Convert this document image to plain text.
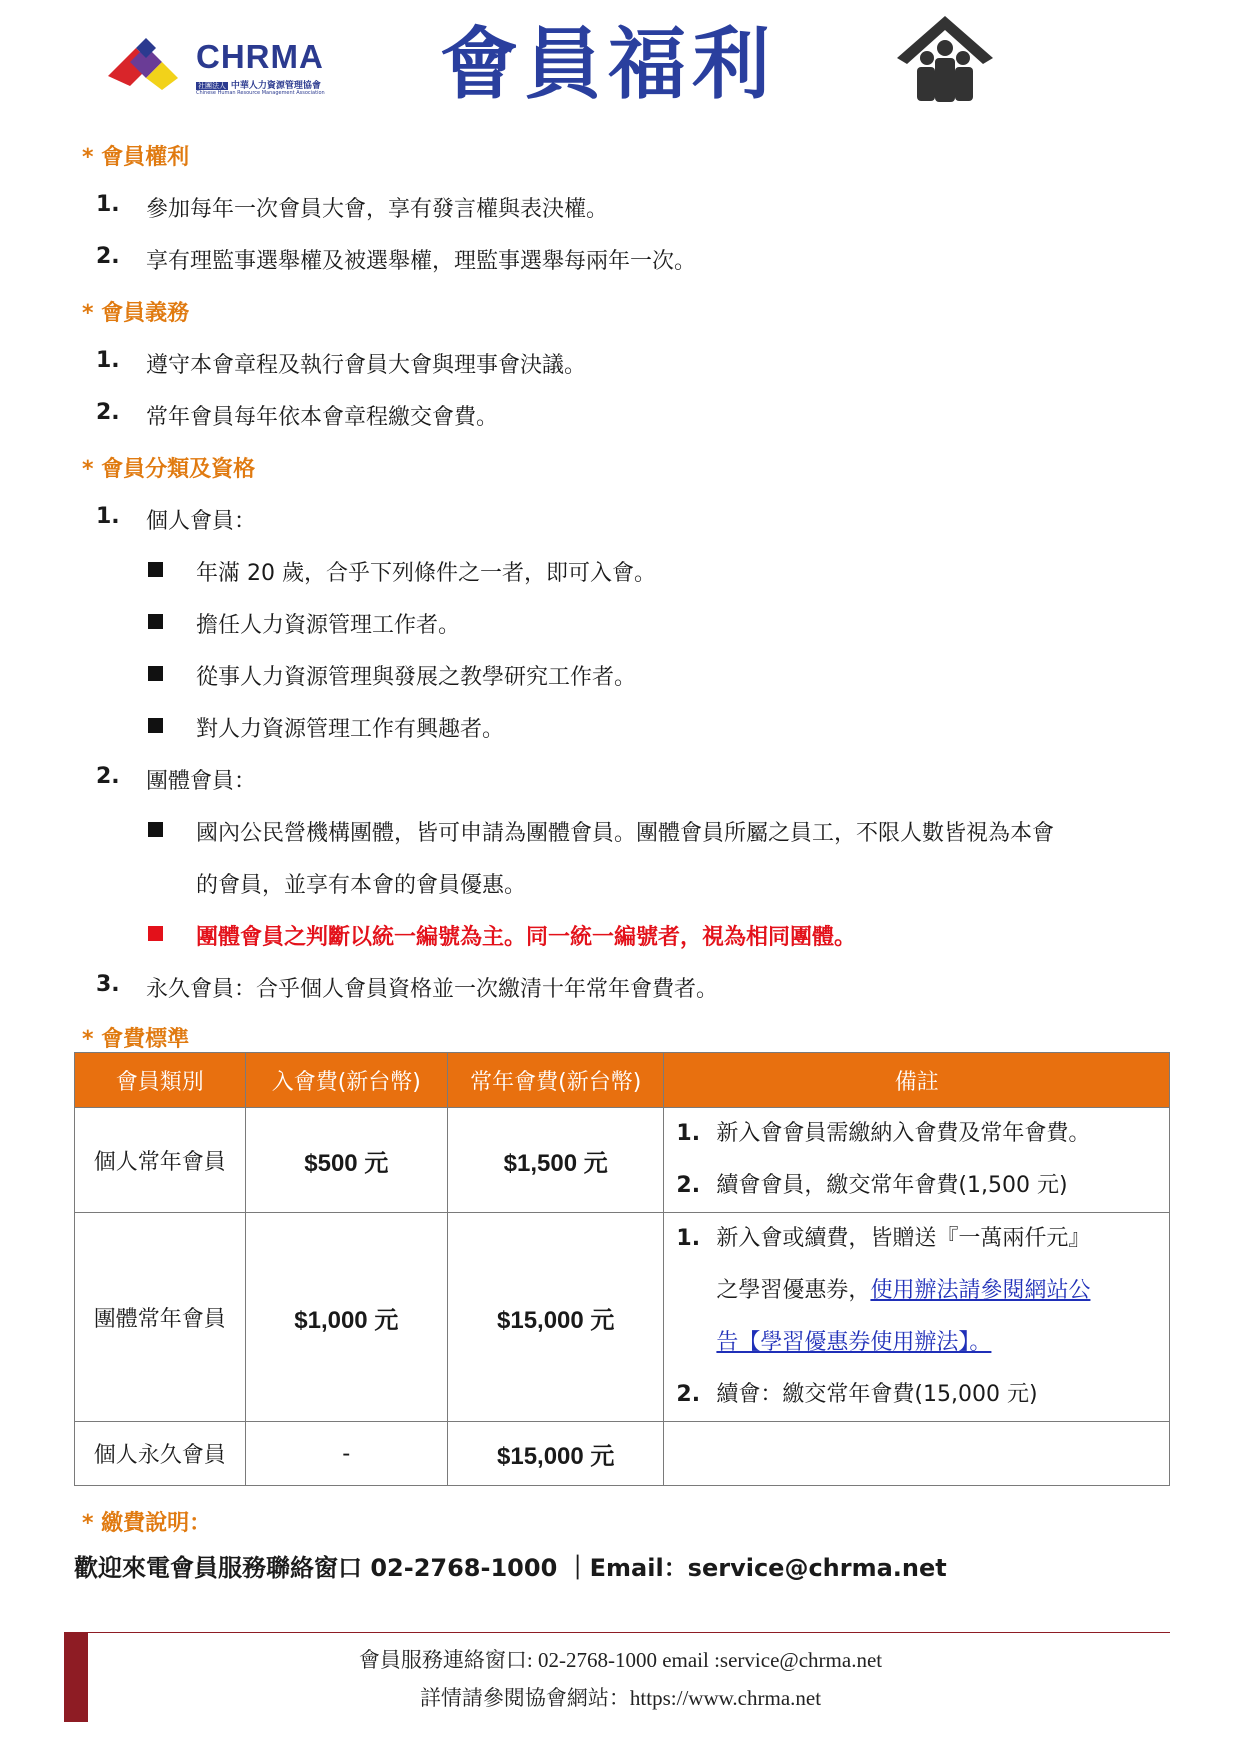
CHRMA
社團法人 中華人力資源管理協會
Chinese Human Resource Management Association 會員福利
* 會員權利
1. 參加每年一次會員大會，享有發言權與表決權。
2. 享有理監事選舉權及被選舉權，理監事選舉每兩年一次。
* 會員義務
1. 遵守本會章程及執行會員大會與理事會決議。
2. 常年會員每年依本會章程繳交會費。
* 會員分類及資格
1. 個人會員：
年滿 20 歲，合乎下列條件之一者，即可入會。
擔任人力資源管理工作者。
從事人力資源管理與發展之教學研究工作者。
對人力資源管理工作有興趣者。
2. 團體會員：
國內公民營機構團體，皆可申請為團體會員。團體會員所屬之員工，不限人數皆視為本會
的會員，並享有本會的會員優惠。
團體會員之判斷以統一編號為主。同一統一編號者，視為相同團體。
3. 永久會員：合乎個人會員資格並一次繳清十年常年會費者。
* 會費標準
會員類別	入會費(新台幣)	常年會費(新台幣)	備註
個人常年會員	$500 元	$1,500 元	1. 新入會會員需繳納入會費及常年會費。
2. 續會會員，繳交常年會費(1,500 元)

團體常年會員	$1,000 元	$15,000 元	1. 新入會或續費，皆贈送『一萬兩仟元』
之學習優惠券，使用辦法請參閱網站公
告【學習優惠券使用辦法】。
2. 續會：繳交常年會費(15,000 元)

個人永久會員	-	$15,000 元	
* 繳費說明：
歡迎來電會員服務聯絡窗口 02-2768-1000 ｜Email：service@chrma.net
會員服務連絡窗口: 02-2768-1000 email :service@chrma.net
詳情請參閱協會網站：https://www.chrma.net
